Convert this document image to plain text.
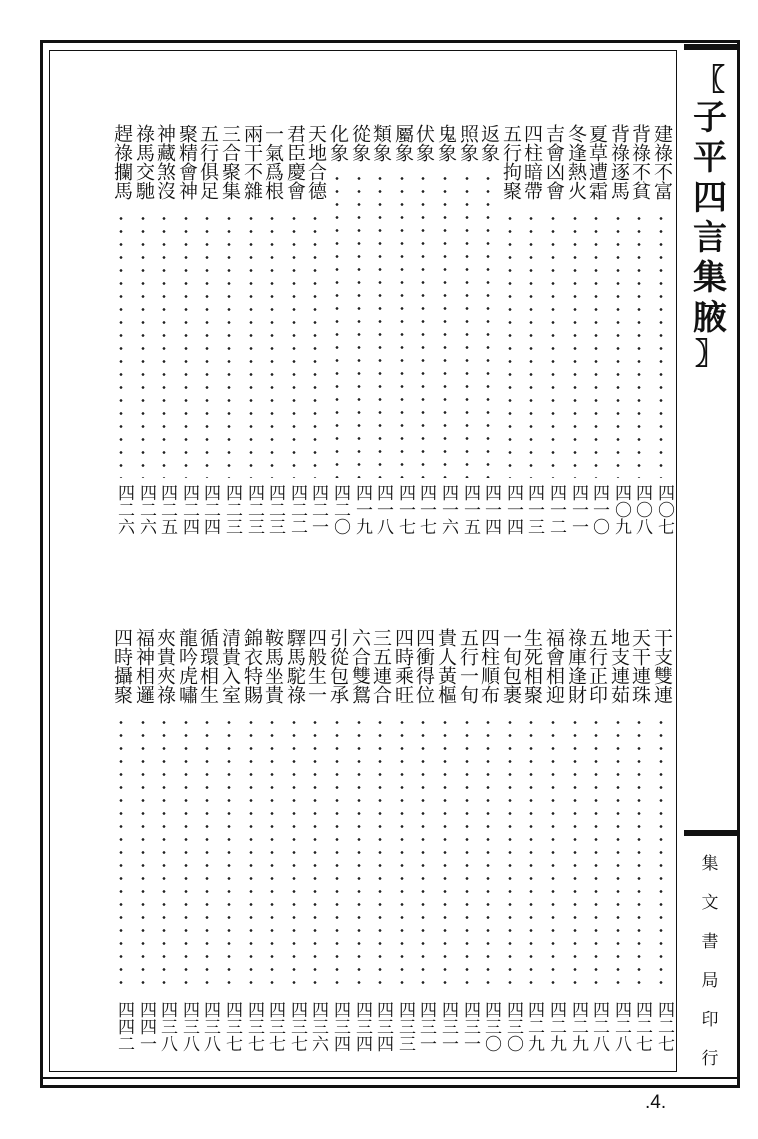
〖
子
平
四
言
集
腋
〗
集
文
書
局
印
行
建祿不富
四〇七
背祿不貧
四〇八
背祿逐馬
四〇九
夏草遭霜
四一〇
冬逢熱火
四一一
吉會凶會
四一二
四柱暗帶
四一三
五行拘聚
四一四
返象
四一四
照象
四一五
鬼象
四一六
伏象
四一七
屬象
四一七
類象
四一八
從象
四一九
化象
四二〇
天地合德
四二一
君臣慶會
四二二
一氣爲根
四二三
兩干不雜
四二三
三合聚集
四二三
五行俱足
四二四
聚精會神
四二四
神藏煞沒
四二五
祿馬交馳
四二六
趕祿攔馬
四二六
干支雙連
四二七
天干連珠
四二七
地支連茹
四二八
五行正印
四二八
祿庫逢財
四二九
福會相迎
四二九
生死相聚
四二九
一旬包裹
四三〇
四柱順布
四三〇
五行一旬
四三一
貴人黃樞
四三一
四衝得位
四三一
四時乘旺
四三三
三五連合
四三四
六合雙鴛
四三四
引從包承
四三四
四般生一
四三六
驛馬駝祿
四三七
鞍馬坐貴
四三七
錦衣特賜
四三七
清貴入室
四三七
循環相生
四三八
龍吟虎嘯
四三八
夾貴夾祿
四三八
福神相邏
四四一
四時攝聚
四四二
.4.
